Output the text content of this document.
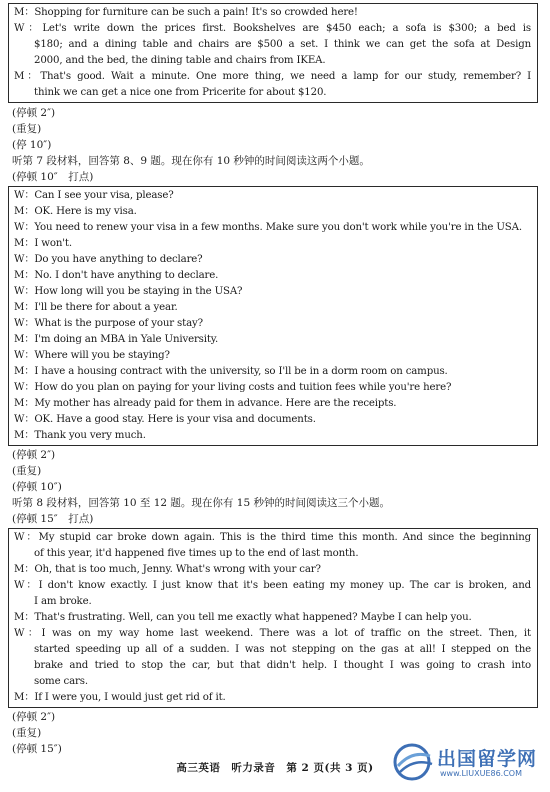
M：Shopping for furniture can be such a pain! It's so crowded here!
W：Let's write down the prices first. Bookshelves are $450 each; a sofa is $300; a bed is
$180; and a dining table and chairs are $500 a set. I think we can get the sofa at Design
2000, and the bed, the dining table and chairs from IKEA.
M：That's good. Wait a minute. One more thing, we need a lamp for our study, remember? I
think we can get a nice one from Pricerite for about $120.
(停顿 2″)
(重复)
(停 10″)
听第 7 段材料，回答第 8、9 题。现在你有 10 秒钟的时间阅读这两个小题。
(停顿 10″　打点)
W：Can I see your visa, please?
M：OK. Here is my visa.
W：You need to renew your visa in a few months. Make sure you don't work while you're in the USA.
M：I won't.
W：Do you have anything to declare?
M：No. I don't have anything to declare.
W：How long will you be staying in the USA?
M：I'll be there for about a year.
W：What is the purpose of your stay?
M：I'm doing an MBA in Yale University.
W：Where will you be staying?
M：I have a housing contract with the university, so I'll be in a dorm room on campus.
W：How do you plan on paying for your living costs and tuition fees while you're here?
M：My mother has already paid for them in advance. Here are the receipts.
W：OK. Have a good stay. Here is your visa and documents.
M：Thank you very much.
(停顿 2″)
(重复)
(停顿 10″)
听第 8 段材料，回答第 10 至 12 题。现在你有 15 秒钟的时间阅读这三个小题。
(停顿 15″　打点)
W：My stupid car broke down again. This is the third time this month. And since the beginning
of this year, it'd happened five times up to the end of last month.
M：Oh, that is too much, Jenny. What's wrong with your car?
W：I don't know exactly. I just know that it's been eating my money up. The car is broken, and
I am broke.
M：That's frustrating. Well, can you tell me exactly what happened? Maybe I can help you.
W：I was on my way home last weekend. There was a lot of traffic on the street. Then, it
started speeding up all of a sudden. I was not stepping on the gas at all! I stepped on the
brake and tried to stop the car, but that didn't help. I thought I was going to crash into
some cars.
M：If I were you, I would just get rid of it.
(停顿 2″)
(重复)
(停顿 15″)
高三英语　听力录音　第 2 页(共 3 页)	出国留学网
www.LIUXUE86.COM
